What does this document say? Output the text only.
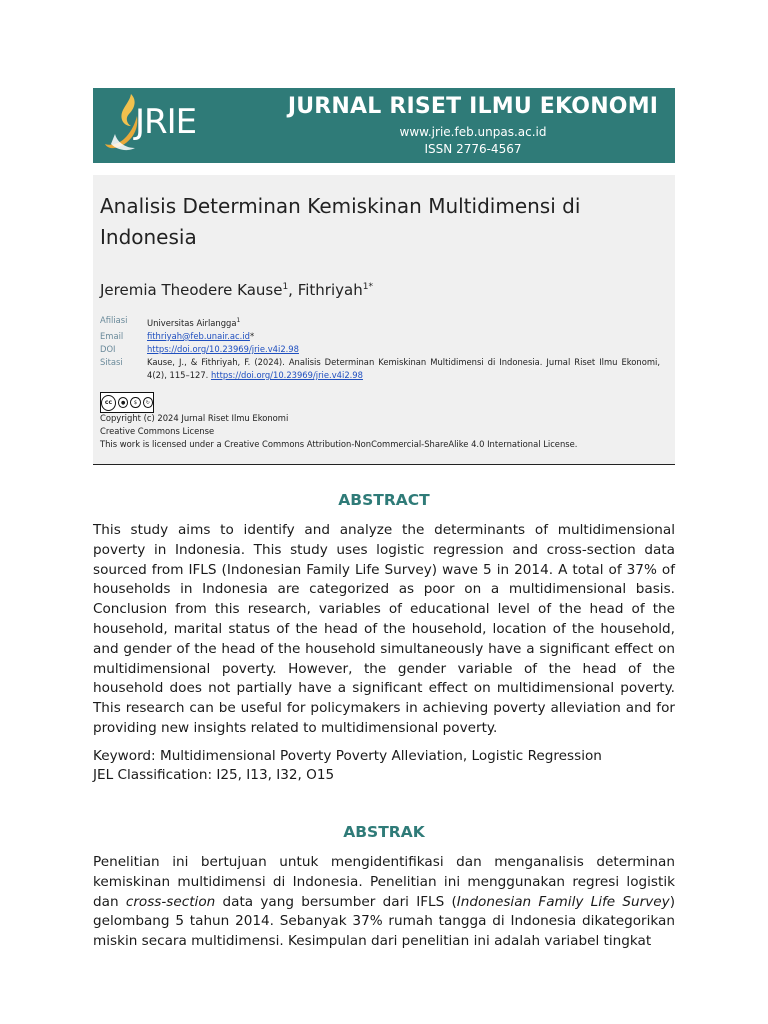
JRIE	JURNAL RISET ILMU EKONOMI
www.jrie.feb.unpas.ac.id
ISSN 2776-4567
Analisis Determinan Kemiskinan Multidimensi di Indonesia
Jeremia Theodere Kause$^1$, Fithriyah$^{1*}$
Afiliasi	Universitas Airlangga$^1$
Email	fithriyah@feb.unair.ac.id*
DOI	https://doi.org/10.23969/jrie.v4i2.98
Sitasi	Kause, J., & Fithriyah, F. (2024). Analisis Determinan Kemiskinan Multidimensi di Indonesia. Jurnal Riset Ilmu Ekonomi, 4(2), 115–127. https://doi.org/10.23969/jrie.v4i2.98
cc	●	$	↻
Copyright (c) 2024 Jurnal Riset Ilmu Ekonomi
Creative Commons License
This work is licensed under a Creative Commons Attribution-NonCommercial-ShareAlike 4.0 International License.
ABSTRACT
This study aims to identify and analyze the determinants of multidimensional poverty in Indonesia. This study uses logistic regression and cross-section data sourced from IFLS (Indonesian Family Life Survey) wave 5 in 2014. A total of 37% of households in Indonesia are categorized as poor on a multidimensional basis. Conclusion from this research, variables of educational level of the head of the household, marital status of the head of the household, location of the household, and gender of the head of the household simultaneously have a significant effect on multidimensional poverty. However, the gender variable of the head of the household does not partially have a significant effect on multidimensional poverty. This research can be useful for policymakers in achieving poverty alleviation and for providing new insights related to multidimensional poverty.
Keyword: Multidimensional Poverty Poverty Alleviation, Logistic Regression
JEL Classification: I25, I13, I32, O15
ABSTRAK
Penelitian ini bertujuan untuk mengidentifikasi dan menganalisis determinan kemiskinan multidimensi di Indonesia. Penelitian ini menggunakan regresi logistik dan cross-section data yang bersumber dari IFLS (Indonesian Family Life Survey) gelombang 5 tahun 2014. Sebanyak 37% rumah tangga di Indonesia dikategorikan miskin secara multidimensi. Kesimpulan dari penelitian ini adalah variabel tingkat
